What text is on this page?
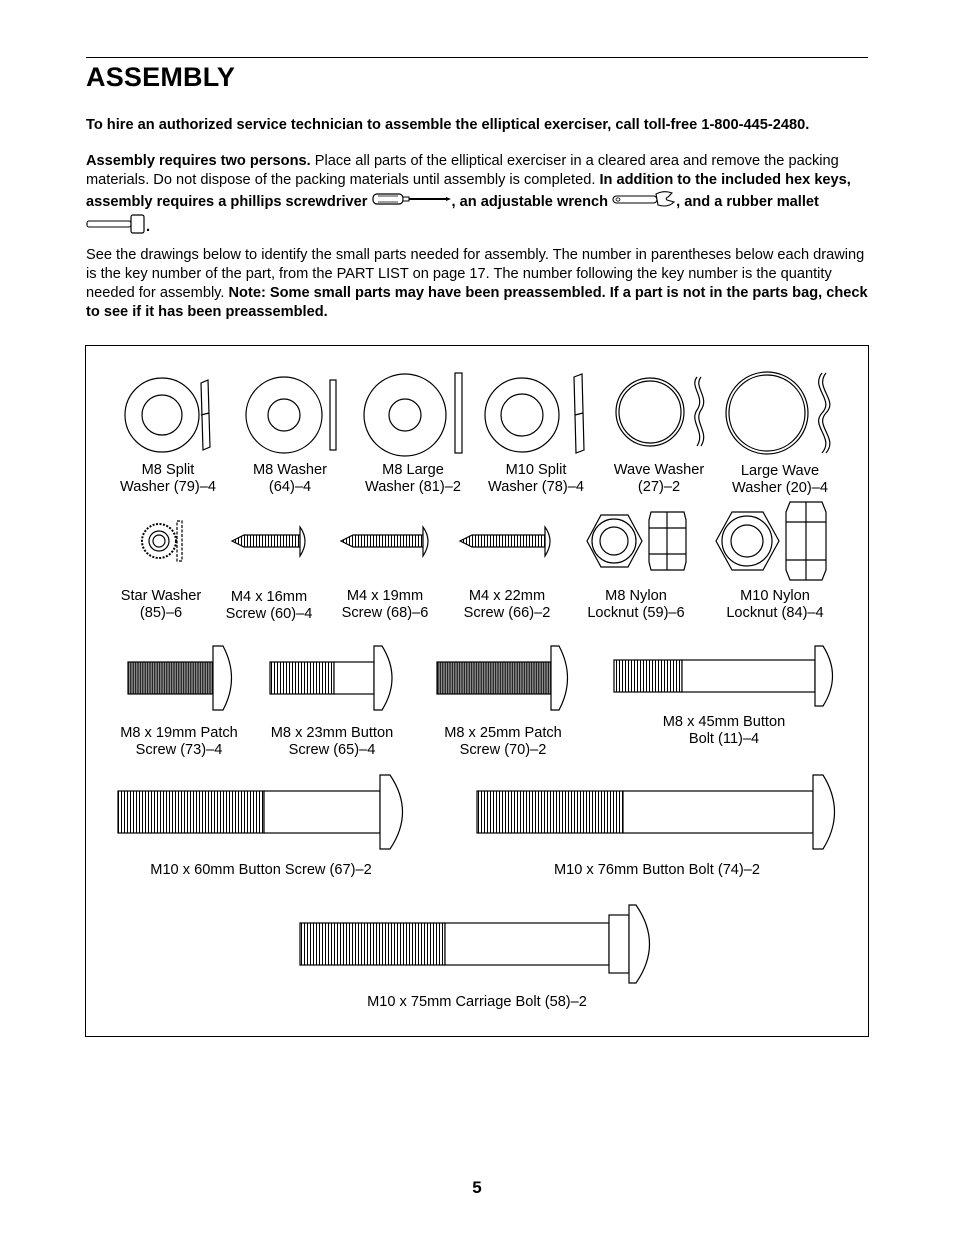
ASSEMBLY

To hire an authorized service technician to assemble the elliptical exerciser, call toll-free 1-800-445-2480.

Assembly requires two persons. Place all parts of the elliptical exerciser in a cleared area and remove the packing materials. Do not dispose of the packing materials until assembly is completed. In addition to the included hex keys, assembly requires a phillips screwdriver	, an adjustable wrench	, and a rubber mallet .

See the drawings below to identify the small parts needed for assembly. The number in parentheses below each drawing is the key number of the part, from the PART LIST on page 17. The number following the key number is the quantity needed for assembly. Note: Some small parts may have been preassembled. If a part is not in the parts bag, check to see if it has been preassembled.

M8 Split
Washer (79)–4
M8 Washer
(64)–4
M8 Large
Washer (81)–2
M10 Split
Washer (78)–4
Wave Washer
(27)–2
Large Wave
Washer (20)–4
Star Washer
(85)–6
M4 x 16mm
Screw (60)–4
M4 x 19mm
Screw (68)–6
M4 x 22mm
Screw (66)–2
M8 Nylon
Locknut (59)–6
M10 Nylon
Locknut (84)–4
M8 x 19mm Patch
Screw (73)–4
M8 x 23mm Button
Screw (65)–4
M8 x 25mm Patch
Screw (70)–2
M8 x 45mm Button
Bolt (11)–4
M10 x 60mm Button Screw (67)–2	M10 x 76mm Button Bolt (74)–2
M10 x 75mm Carriage Bolt (58)–2
5
